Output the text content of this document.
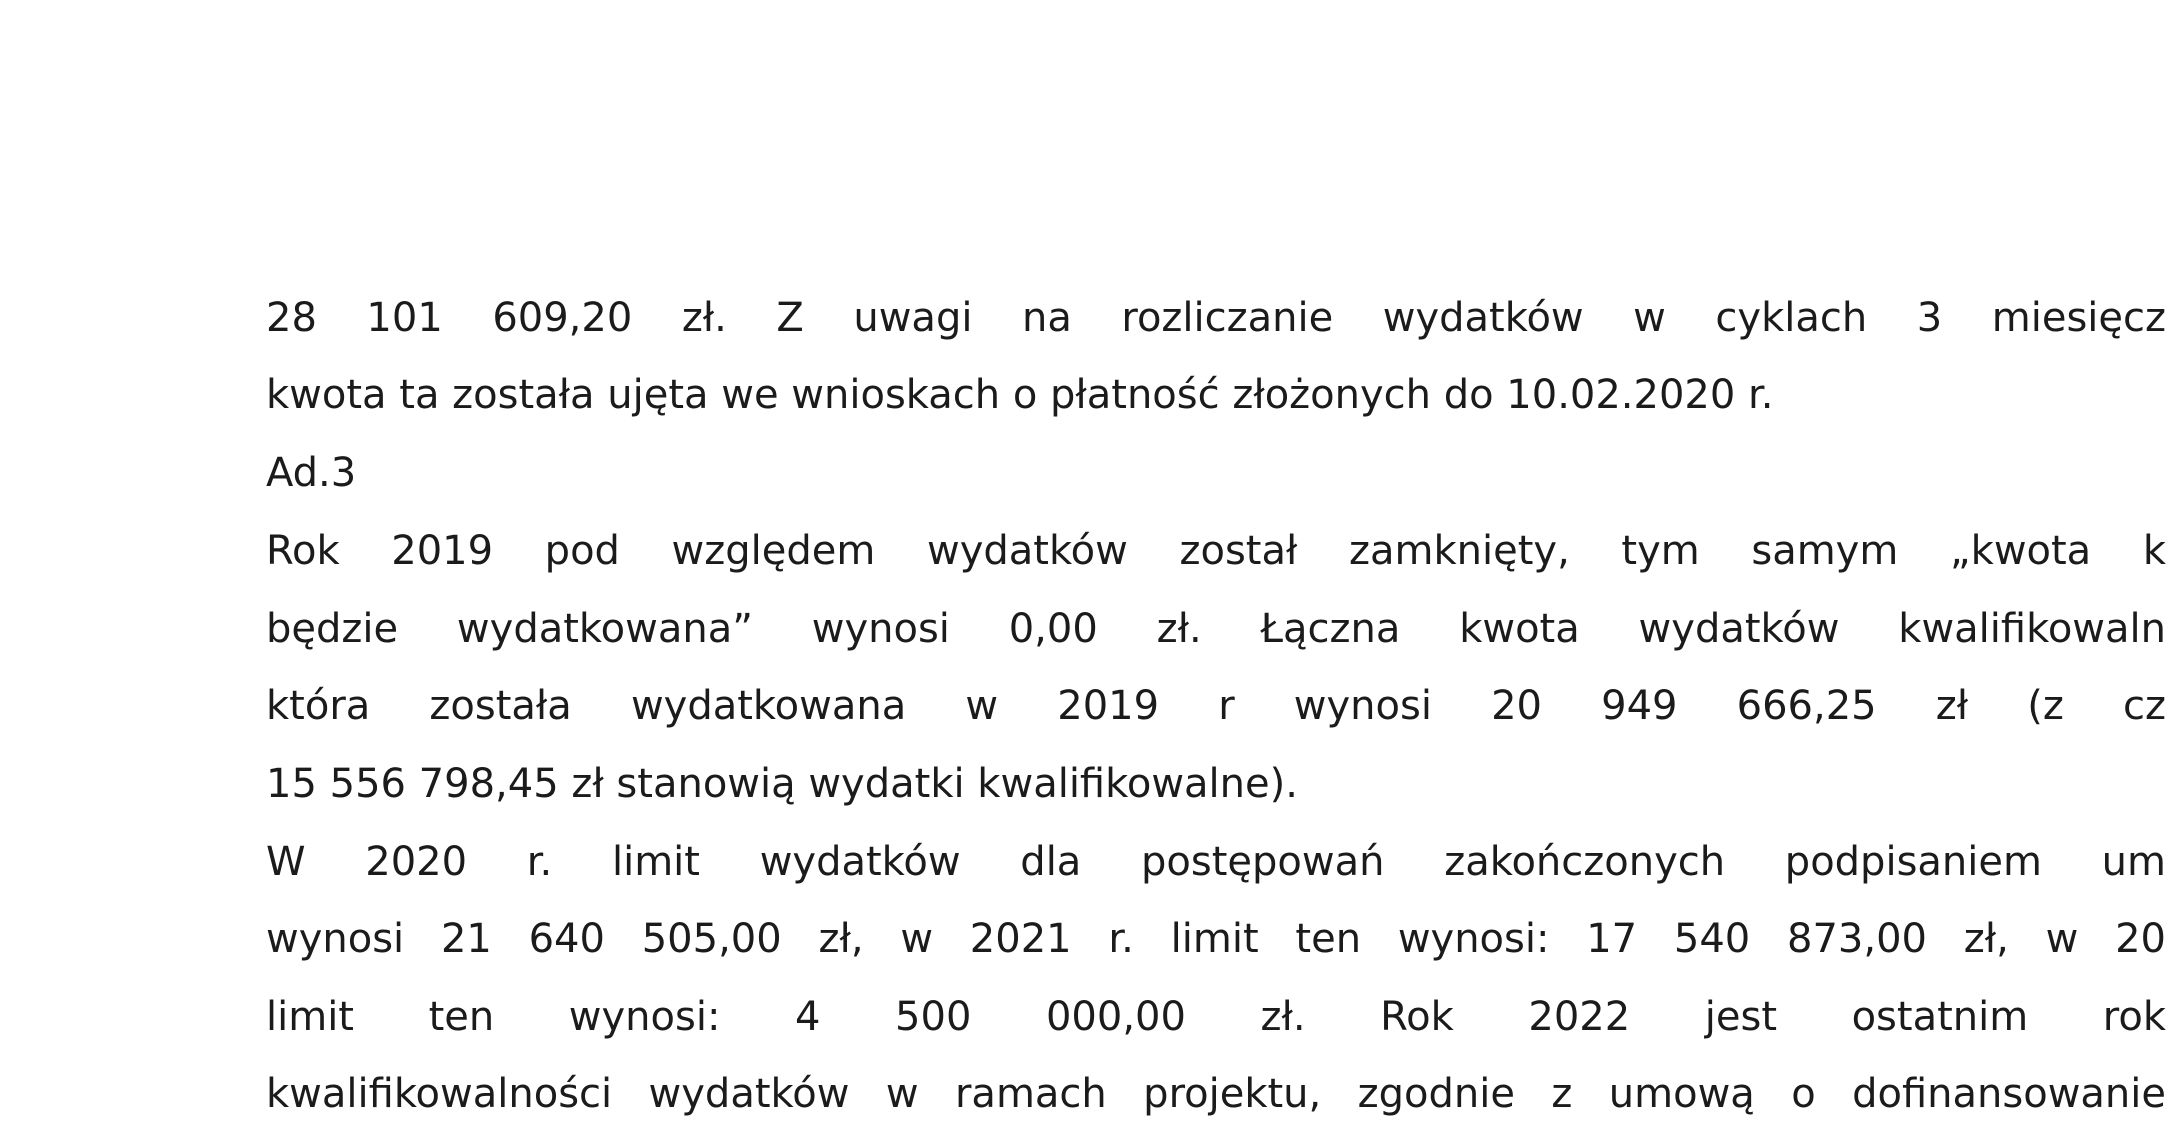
28 101 609,20 zł. Z uwagi na rozliczanie wydatków w cyklach 3 miesięcz
kwota ta została ujęta we wnioskach o płatność złożonych do 10.02.2020 r.
Ad.3
Rok 2019 pod względem wydatków został zamknięty, tym samym „kwota k
będzie wydatkowana” wynosi 0,00 zł. Łączna kwota wydatków kwalifikowaln
która została wydatkowana w 2019 r wynosi 20 949 666,25 zł (z cz
15 556 798,45 zł stanowią wydatki kwalifikowalne).
W 2020 r. limit wydatków dla postępowań zakończonych podpisaniem um
wynosi 21 640 505,00 zł, w 2021 r. limit ten wynosi: 17 540 873,00 zł, w 20
limit ten wynosi: 4 500 000,00 zł. Rok 2022 jest ostatnim rok
kwalifikowalności wydatków w ramach projektu, zgodnie z umową o dofinansowanie
